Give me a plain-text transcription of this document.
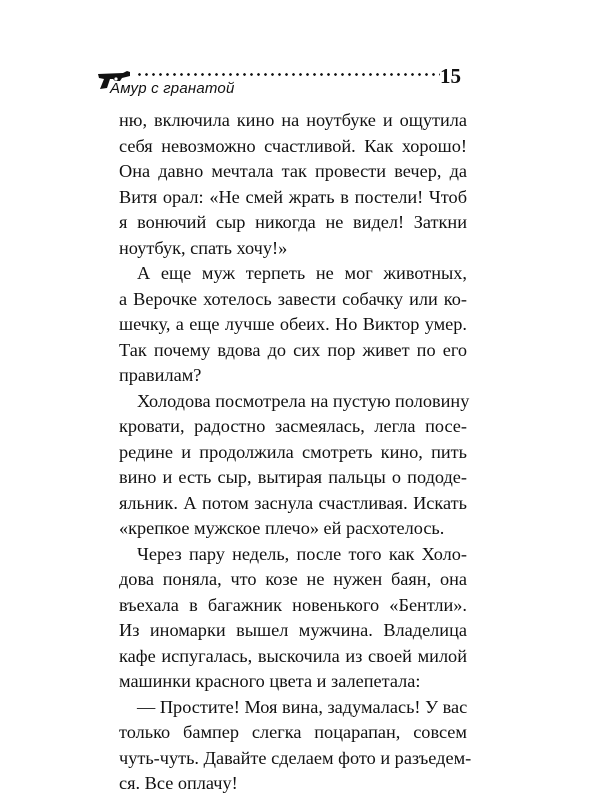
Амур с гранатой
15
ню, включила кино на ноутбуке и ощутила
себя невозможно счастливой. Как хорошо!
Она давно мечтала так провести вечер, да
Витя орал: «Не смей жрать в постели! Чтоб
я вонючий сыр никогда не видел! Заткни
ноутбук, спать хочу!»
А еще муж терпеть не мог животных,
а Верочке хотелось завести собачку или ко-
шечку, а еще лучше обеих. Но Виктор умер.
Так почему вдова до сих пор живет по его
правилам?
Холодова посмотрела на пустую половину
кровати, радостно засмеялась, легла посе-
редине и продолжила смотреть кино, пить
вино и есть сыр, вытирая пальцы о пододе-
яльник. А потом заснула счастливая. Искать
«крепкое мужское плечо» ей расхотелось.
Через пару недель, после того как Холо-
дова поняла, что козе не нужен баян, она
въехала в багажник новенького «Бентли».
Из иномарки вышел мужчина. Владелица
кафе испугалась, выскочила из своей милой
машинки красного цвета и залепетала:
— Простите! Моя вина, задумалась! У вас
только бампер слегка поцарапан, совсем
чуть-чуть. Давайте сделаем фото и разъедем-
ся. Все оплачу!
